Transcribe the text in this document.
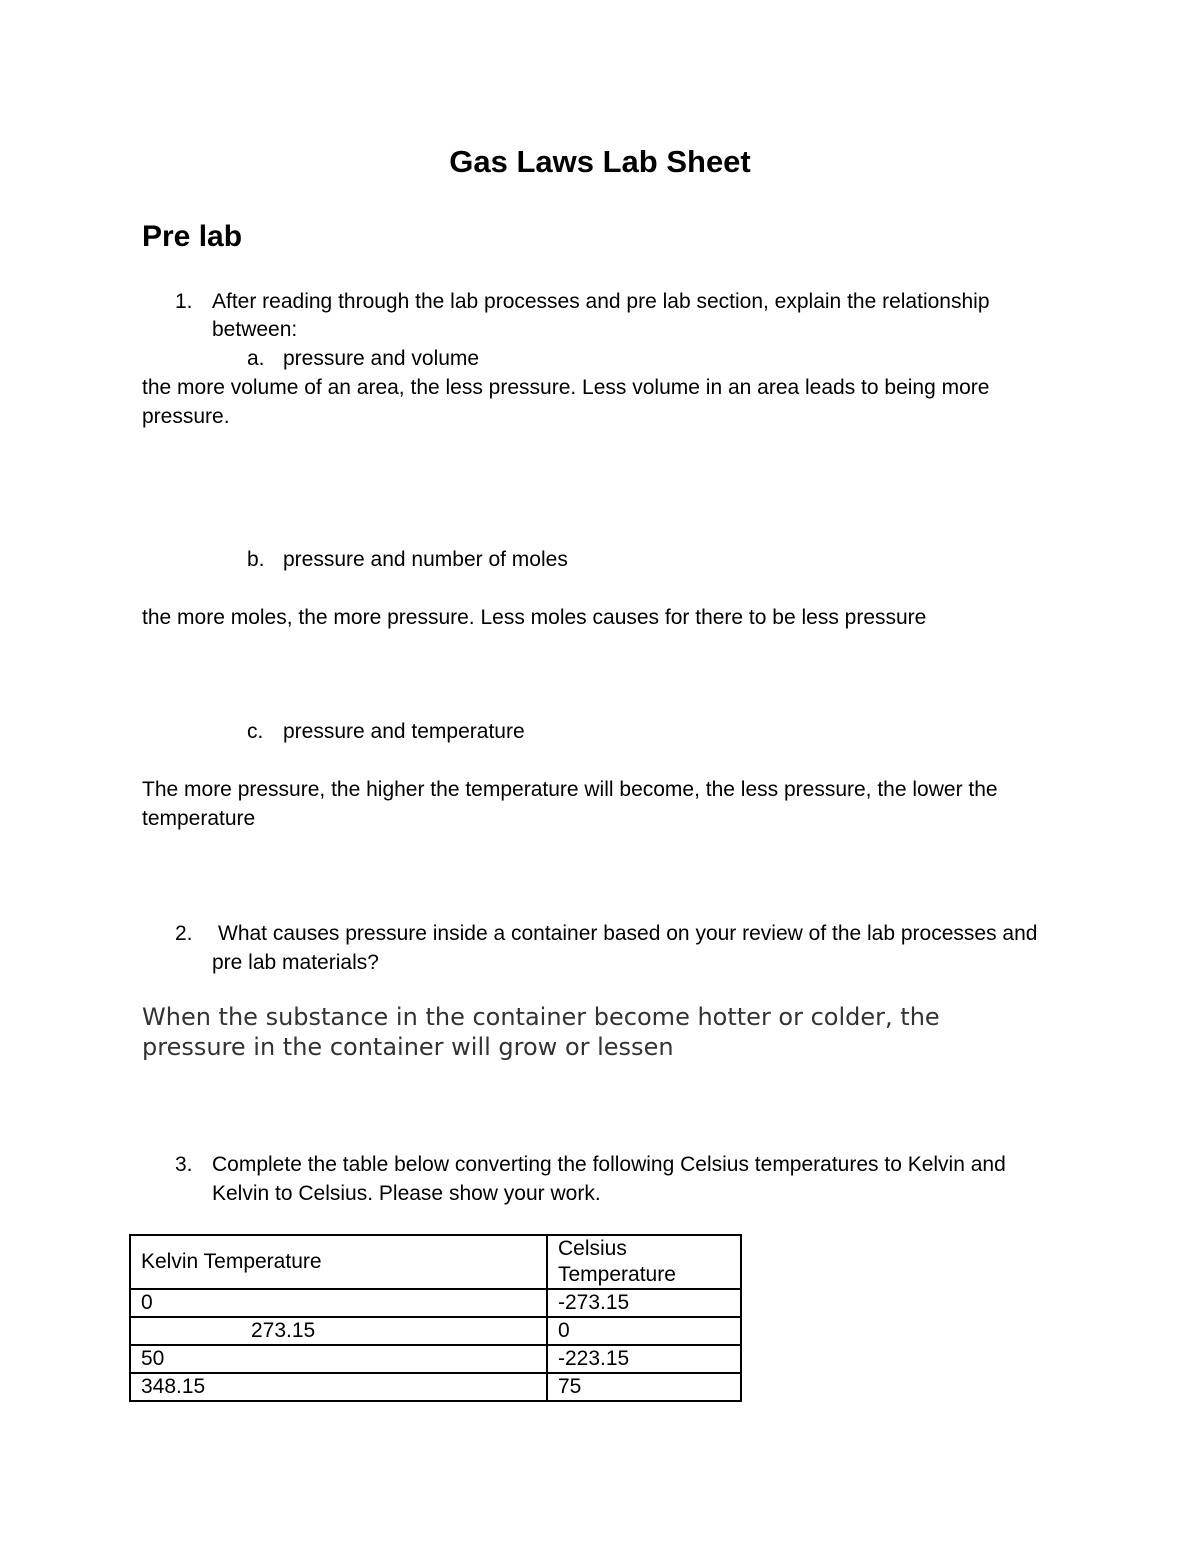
Gas Laws Lab Sheet
Pre lab
1. After reading through the lab processes and pre lab section, explain the relationship
between:
a. pressure and volume
the more volume of an area, the less pressure. Less volume in an area leads to being more
pressure.
b. pressure and number of moles
the more moles, the more pressure. Less moles causes for there to be less pressure
c. pressure and temperature
The more pressure, the higher the temperature will become, the less pressure, the lower the
temperature
2. What causes pressure inside a container based on your review of the lab processes and
pre lab materials?
When the substance in the container become hotter or colder, the
pressure in the container will grow or lessen
3. Complete the table below converting the following Celsius temperatures to Kelvin and
Kelvin to Celsius. Please show your work.
Kelvin Temperature	Celsius Temperature
0	-273.15
273.15	0
50	-223.15
348.15	75
